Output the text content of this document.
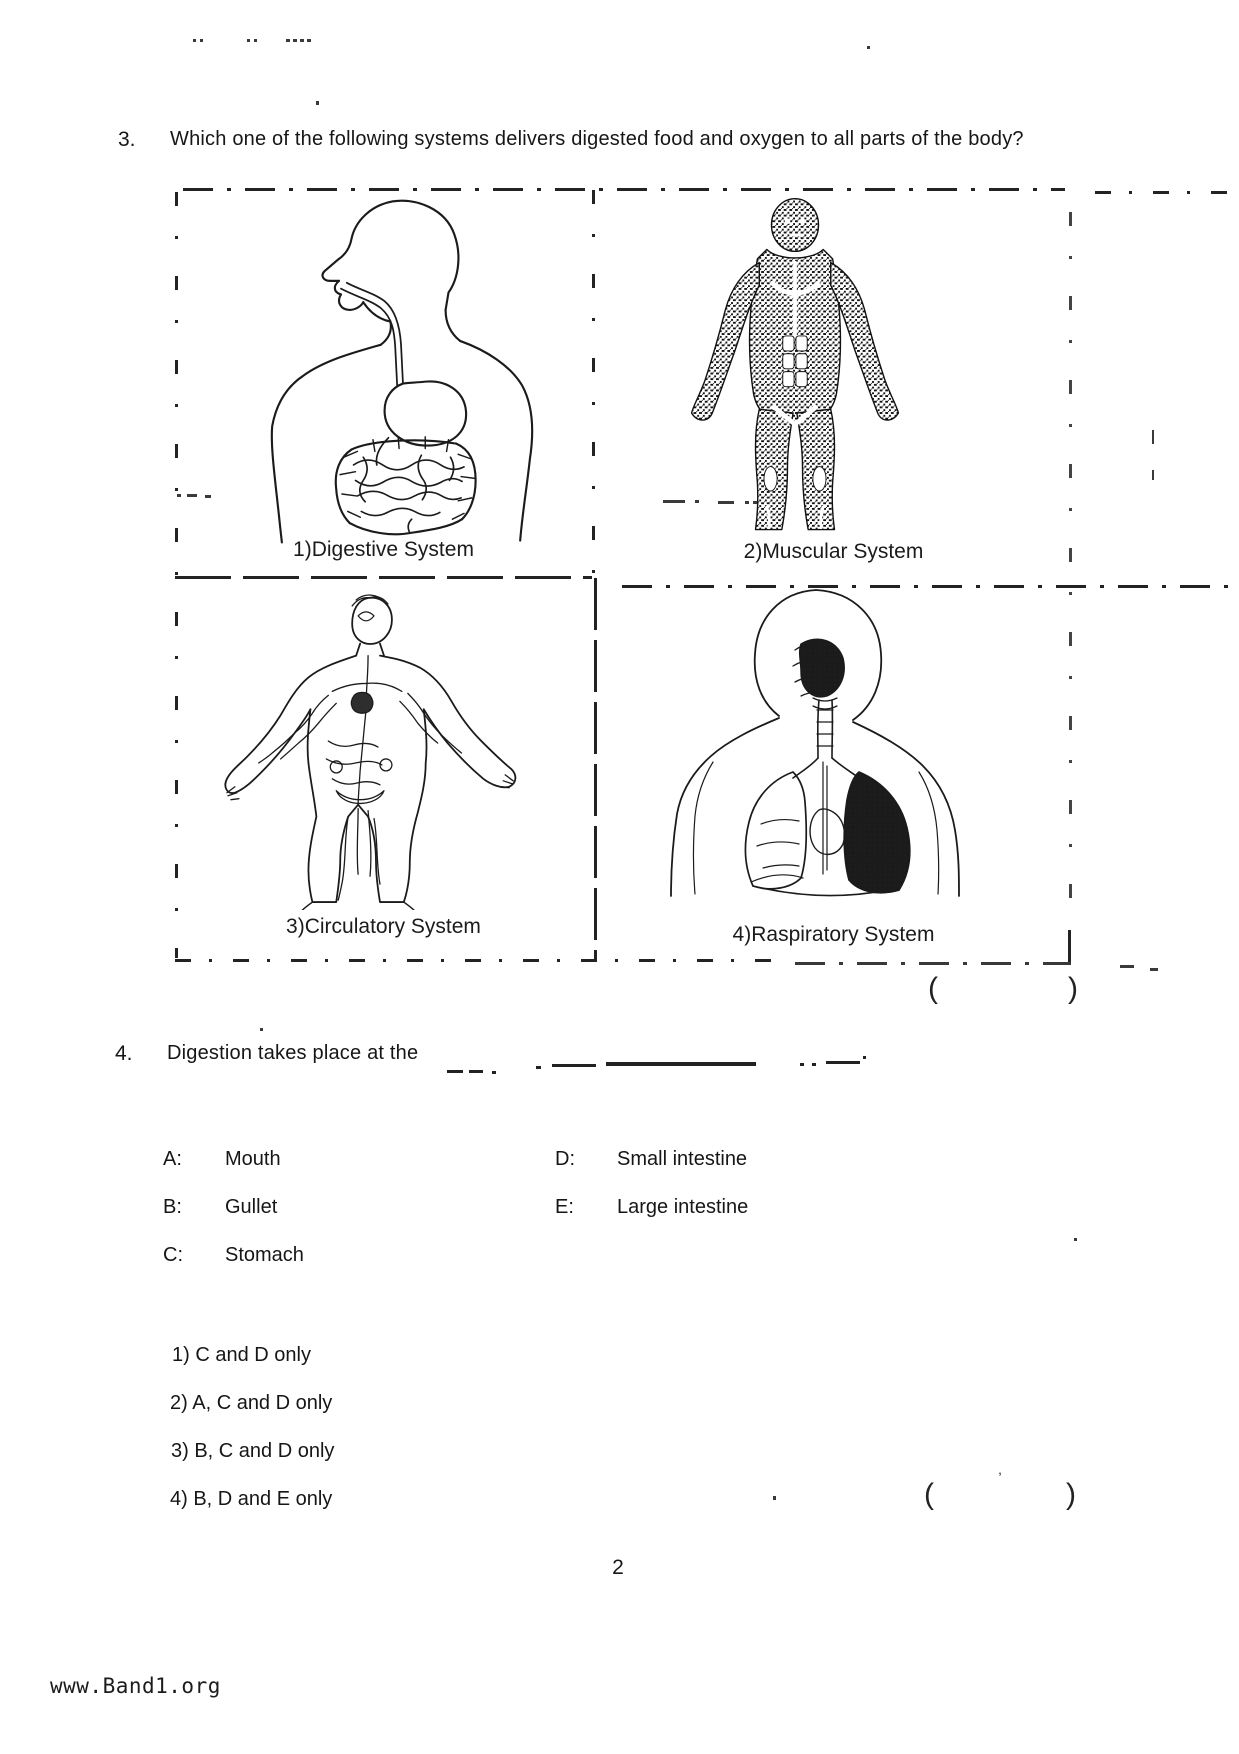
3.	Which one of the following systems delivers digested food and oxygen to all parts of the body?
1)Digestive System	2)Muscular System
3)Circulatory System	4)Raspiratory System
(	)
4.	Digestion takes place at the
A:	Mouth	D:	Small intestine
B:	Gullet	E:	Large intestine
C:	Stomach
1) C and D only
2) A, C and D only
3) B, C and D only
4) B, D and E only	(	ʼ )
2
www.Band1.org
